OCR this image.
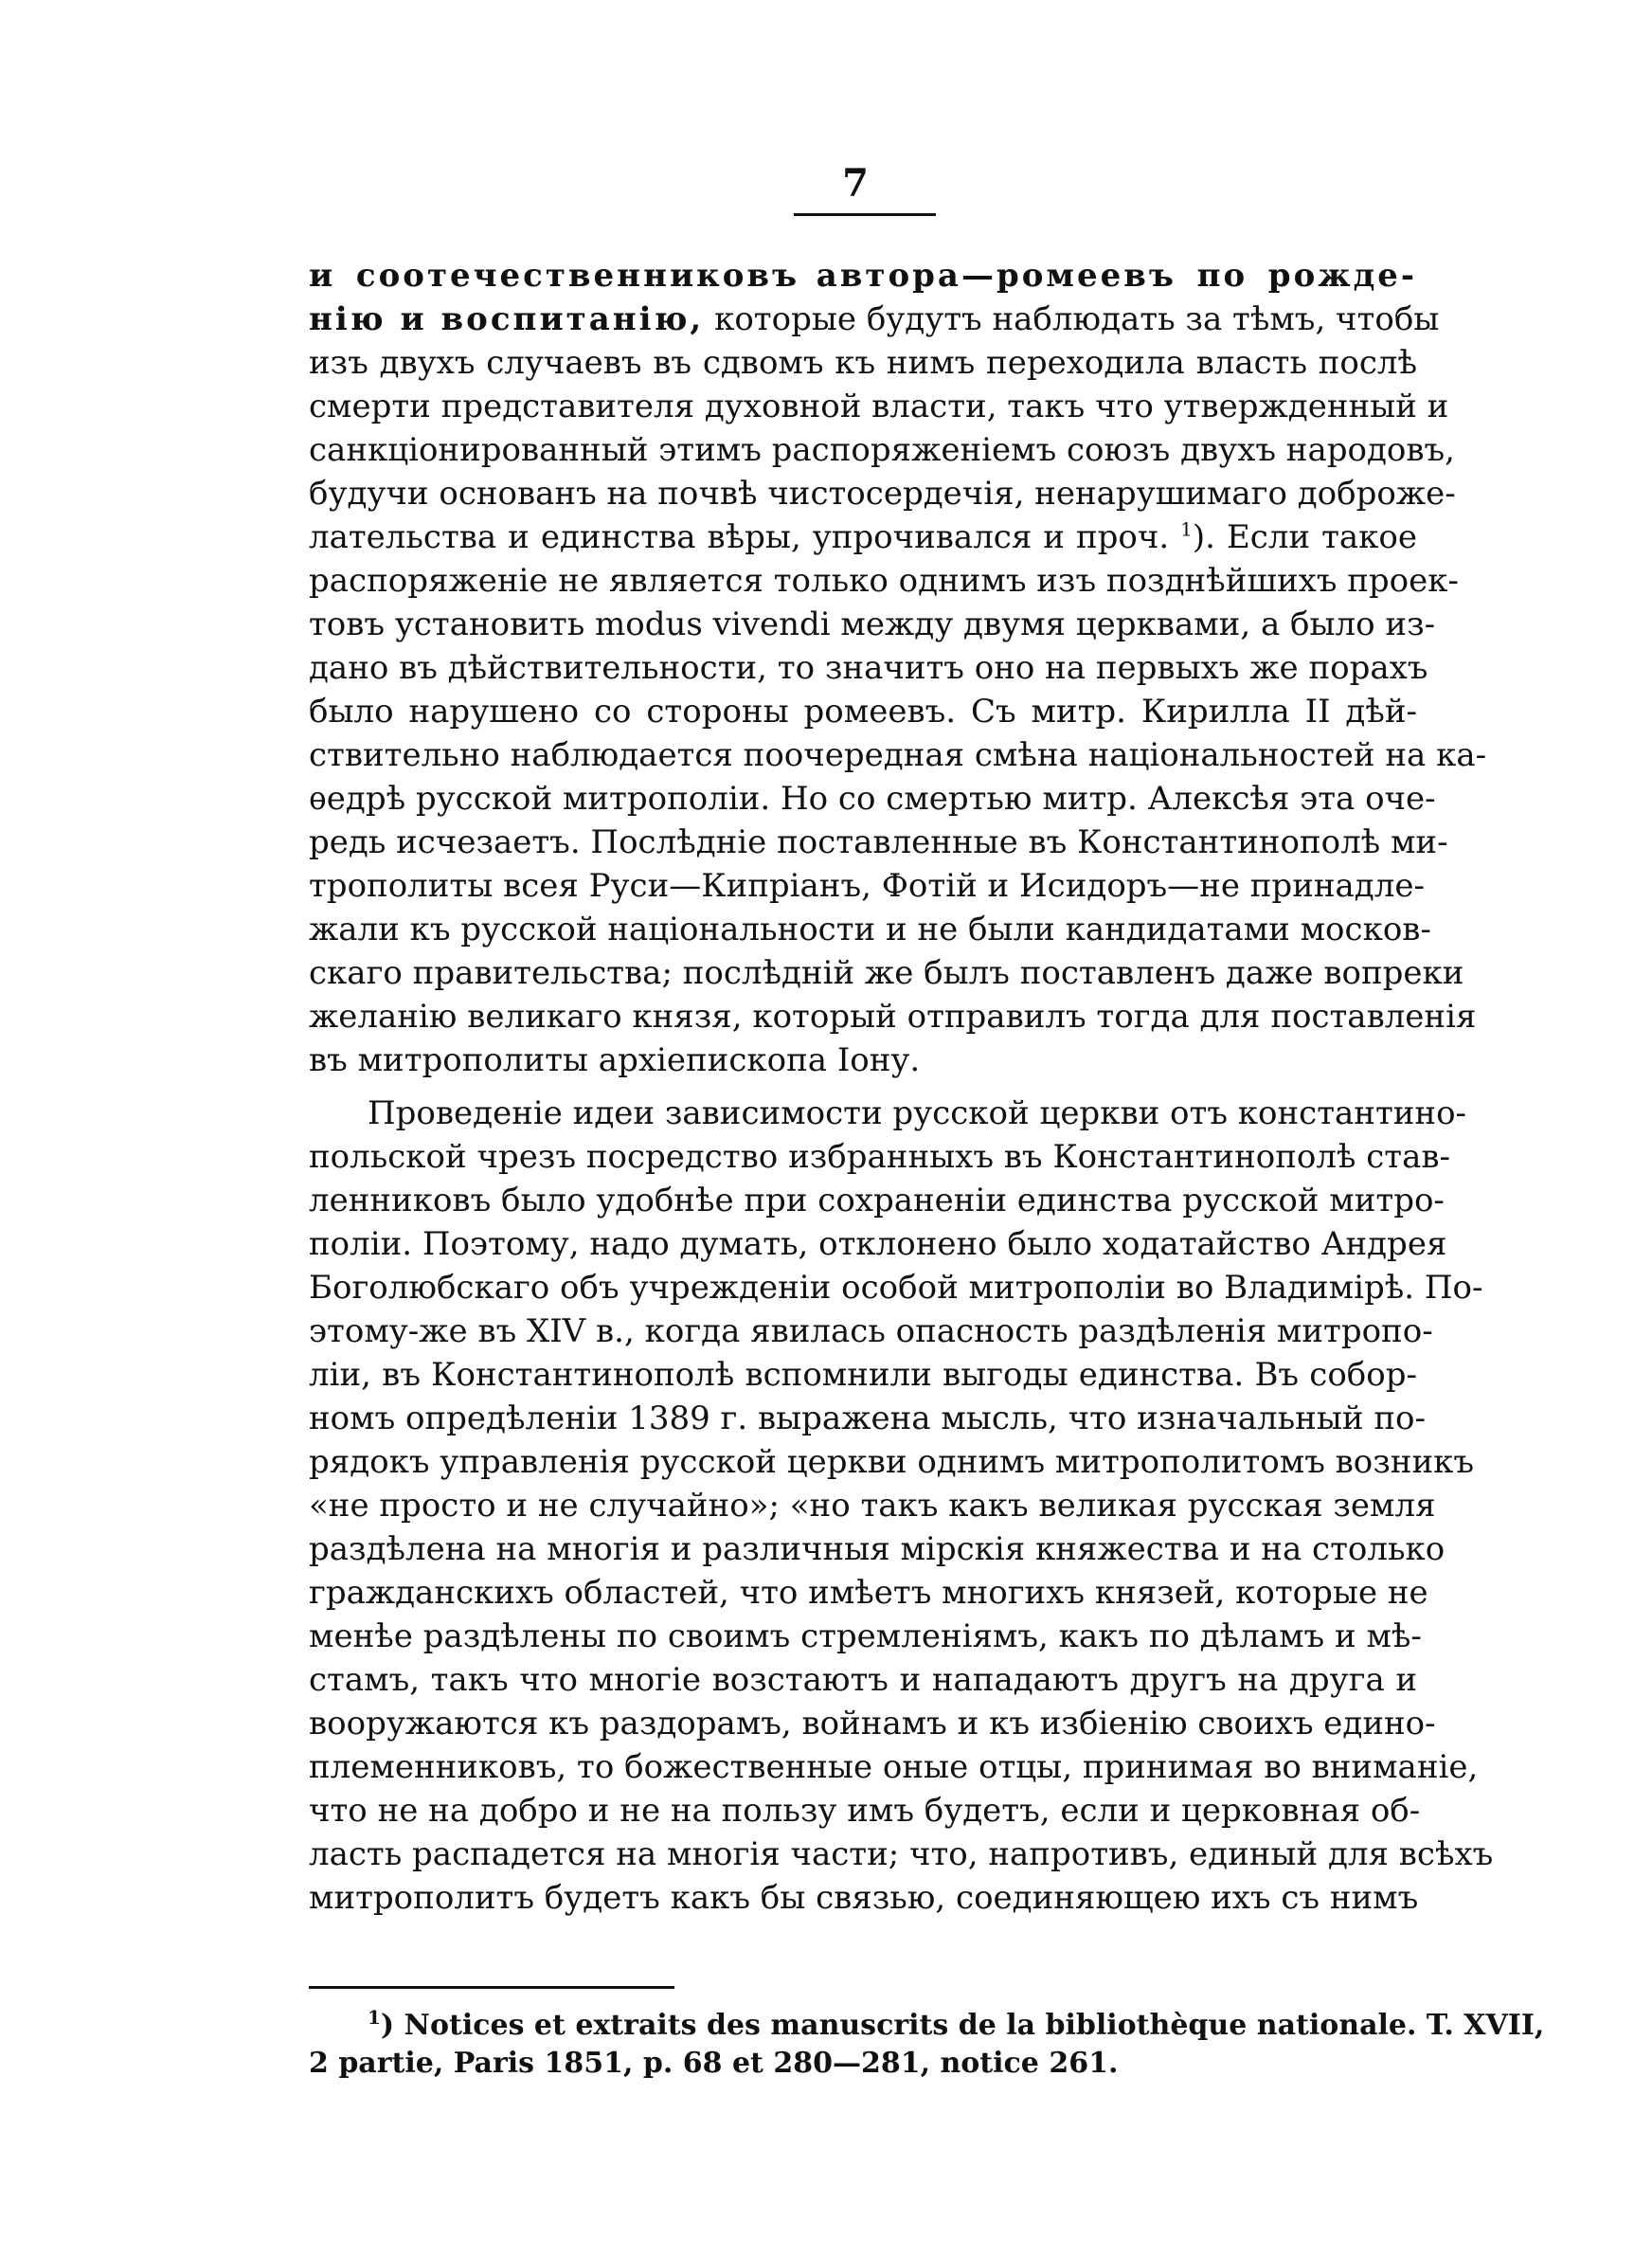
7
и соотечественниковъ автора—ромеевъ по рожде-
нію и воспитанію, которые будутъ наблюдать за тѣмъ, чтобы
изъ двухъ случаевъ въ сдвомъ къ нимъ переходила власть послѣ
смерти представителя духовной власти, такъ что утвержденный и
санкціонированный этимъ распоряженіемъ союзъ двухъ народовъ,
будучи основанъ на почвѣ чистосердечія, ненарушимаго доброже-
лательства и единства вѣры, упрочивался и проч. $^1$). Если такое
распоряженіе не является только однимъ изъ позднѣйшихъ проек-
товъ установить modus vivendi между двумя церквами, а было из-
дано въ дѣйствительности, то значитъ оно на первыхъ же порахъ
было нарушено со стороны ромеевъ. Съ митр. Кирилла II дѣй-
ствительно наблюдается поочередная смѣна національностей на ка-
ѳедрѣ русской митрополіи. Но со смертью митр. Алексѣя эта оче-
редь исчезаетъ. Послѣдніе поставленные въ Константинополѣ ми-
трополиты всея Руси—Кипріанъ, Фотій и Исидоръ—не принадле-
жали къ русской національности и не были кандидатами москов-
скаго правительства; послѣдній же былъ поставленъ даже вопреки
желанію великаго князя, который отправилъ тогда для поставленія
въ митрополиты архіепископа Іону.
Проведеніе идеи зависимости русской церкви отъ константино-
польской чрезъ посредство избранныхъ въ Константинополѣ став-
ленниковъ было удобнѣе при сохраненіи единства русской митро-
поліи. Поэтому, надо думать, отклонено было ходатайство Андрея
Боголюбскаго объ учрежденіи особой митрополіи во Владимірѣ. По-
этому-же въ XIV в., когда явилась опасность раздѣленія митропо-
ліи, въ Константинополѣ вспомнили выгоды единства. Въ собор-
номъ опредѣленіи 1389 г. выражена мысль, что изначальный по-
рядокъ управленія русской церкви однимъ митрополитомъ возникъ
«не просто и не случайно»; «но такъ какъ великая русская земля
раздѣлена на многія и различныя мірскія княжества и на столько
гражданскихъ областей, что имѣетъ многихъ князей, которые не
менѣе раздѣлены по своимъ стремленіямъ, какъ по дѣламъ и мѣ-
стамъ, такъ что многіе возстаютъ и нападаютъ другъ на друга и
вооружаются къ раздорамъ, войнамъ и къ избіенію своихъ едино-
племенниковъ, то божественные оные отцы, принимая во вниманіе,
что не на добро и не на пользу имъ будетъ, если и церковная об-
ласть распадется на многія части; что, напротивъ, единый для всѣхъ
митрополитъ будетъ какъ бы связью, соединяющею ихъ съ нимъ
$^1$) Notices et extraits des manuscrits de la bibliothèque nationale. T. XVII,
2 partie, Paris 1851, p. 68 et 280—281, notice 261.
